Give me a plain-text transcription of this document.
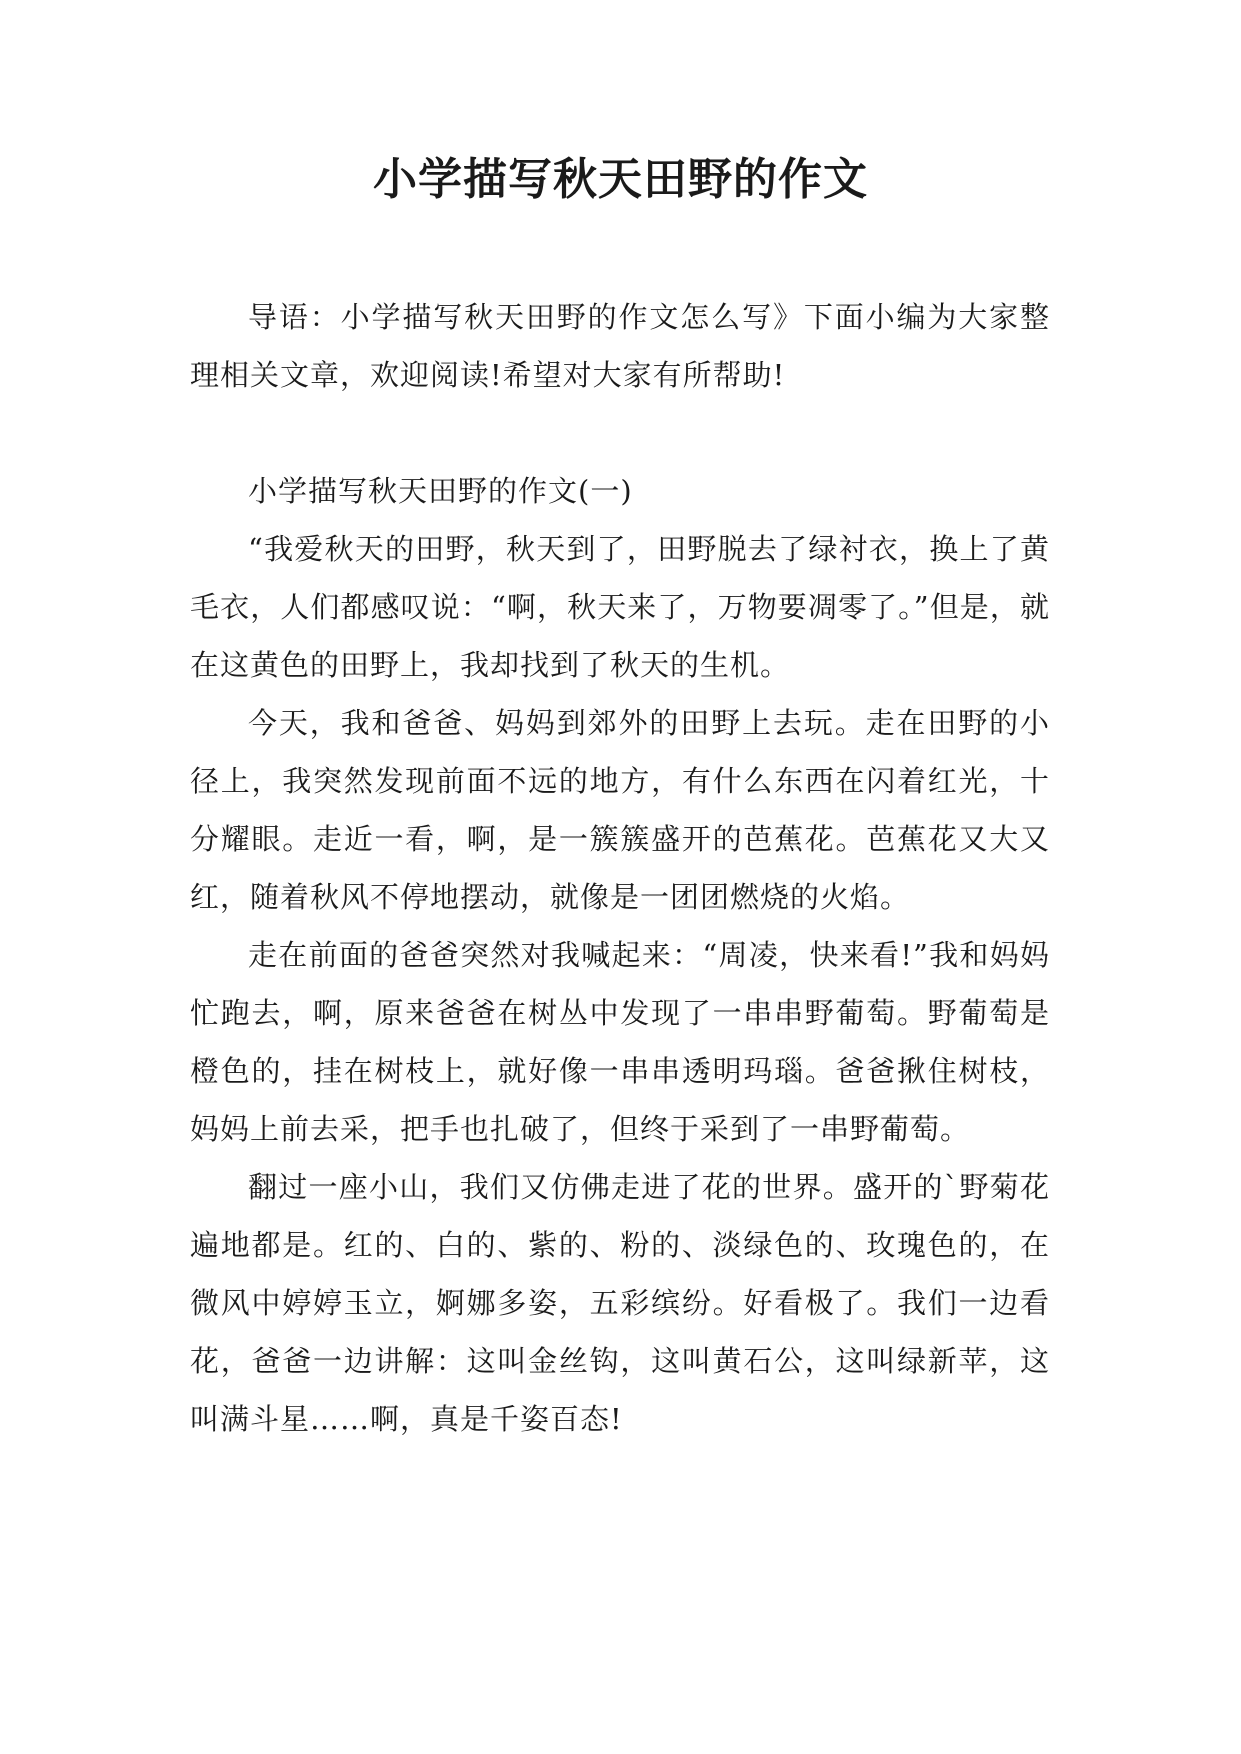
小学描写秋天田野的作文

导语：小学描写秋天田野的作文怎么写》下面小编为大家整理相关文章，欢迎阅读!希望对大家有所帮助!

小学描写秋天田野的作文(一)

“我爱秋天的田野，秋天到了，田野脱去了绿衬衣，换上了黄毛衣，人们都感叹说：“啊，秋天来了，万物要凋零了。”但是，就在这黄色的田野上，我却找到了秋天的生机。

今天，我和爸爸、妈妈到郊外的田野上去玩。走在田野的小径上，我突然发现前面不远的地方，有什么东西在闪着红光，十分耀眼。走近一看，啊，是一簇簇盛开的芭蕉花。芭蕉花又大又红，随着秋风不停地摆动，就像是一团团燃烧的火焰。

走在前面的爸爸突然对我喊起来：“周凌，快来看!”我和妈妈忙跑去，啊，原来爸爸在树丛中发现了一串串野葡萄。野葡萄是橙色的，挂在树枝上，就好像一串串透明玛瑙。爸爸揪住树枝，妈妈上前去采，把手也扎破了，但终于采到了一串野葡萄。

翻过一座小山，我们又仿佛走进了花的世界。盛开的`野菊花遍地都是。红的、白的、紫的、粉的、淡绿色的、玫瑰色的，在微风中婷婷玉立，婀娜多姿，五彩缤纷。好看极了。我们一边看花，爸爸一边讲解：这叫金丝钩，这叫黄石公，这叫绿新苹，这叫满斗星……啊，真是千姿百态!
